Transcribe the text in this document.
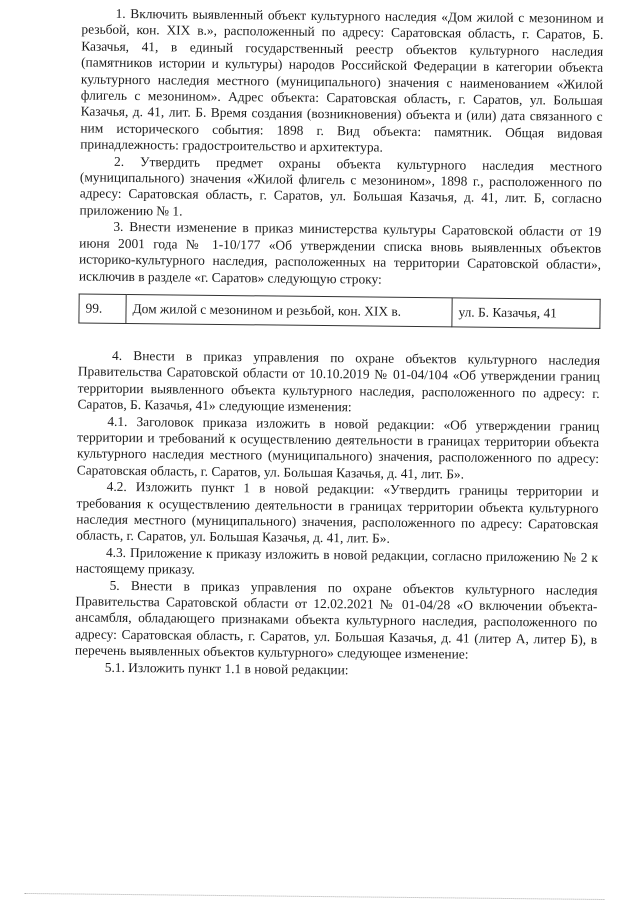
1. Включить выявленный объект культурного наследия «Дом жилой с мезонином и резьбой, кон. XIX в.», расположенный по адресу: Саратовская область, г. Саратов, Б. Казачья, 41, в единый государственный реестр объектов культурного наследия (памятников истории и культуры) народов Российской Федерации в категории объекта культурного наследия местного (муниципального) значения с наименованием «Жилой флигель с мезонином». Адрес объекта: Саратовская область, г. Саратов, ул. Большая Казачья, д. 41, лит. Б. Время создания (возникновения) объекта и (или) дата связанного с ним исторического события: 1898 г. Вид объекта: памятник. Общая видовая принадлежность: градостроительство и архитектура.

2. Утвердить предмет охраны объекта культурного наследия местного (муниципального) значения «Жилой флигель с мезонином», 1898 г., расположенного по адресу: Саратовская область, г. Саратов, ул. Большая Казачья, д. 41, лит. Б, согласно приложению № 1.

3. Внести изменение в приказ министерства культуры Саратовской области от 19 июня 2001 года № 1-10/177 «Об утверждении списка вновь выявленных объектов историко-культурного наследия, расположенных на территории Саратовской области», исключив в разделе «г. Саратов» следующую строку:

99.	Дом жилой с мезонином и резьбой, кон. XIX в.	ул. Б. Казачья, 41

4. Внести в приказ управления по охране объектов культурного наследия Правительства Саратовской области от 10.10.2019 № 01-04/104 «Об утверждении границ территории выявленного объекта культурного наследия, расположенного по адресу: г. Саратов, Б. Казачья, 41» следующие изменения:

4.1. Заголовок приказа изложить в новой редакции: «Об утверждении границ территории и требований к осуществлению деятельности в границах территории объекта культурного наследия местного (муниципального) значения, расположенного по адресу: Саратовская область, г. Саратов, ул. Большая Казачья, д. 41, лит. Б».

4.2. Изложить пункт 1 в новой редакции: «Утвердить границы территории и требования к осуществлению деятельности в границах территории объекта культурного наследия местного (муниципального) значения, расположенного по адресу: Саратовская область, г. Саратов, ул. Большая Казачья, д. 41, лит. Б».

4.3. Приложение к приказу изложить в новой редакции, согласно приложению № 2 к настоящему приказу.

5. Внести в приказ управления по охране объектов культурного наследия Правительства Саратовской области от 12.02.2021 № 01-04/28 «О включении объекта-ансамбля, обладающего признаками объекта культурного наследия, расположенного по адресу: Саратовская область, г. Саратов, ул. Большая Казачья, д. 41 (литер А, литер Б), в перечень выявленных объектов культурного» следующее изменение:

5.1. Изложить пункт 1.1 в новой редакции:
